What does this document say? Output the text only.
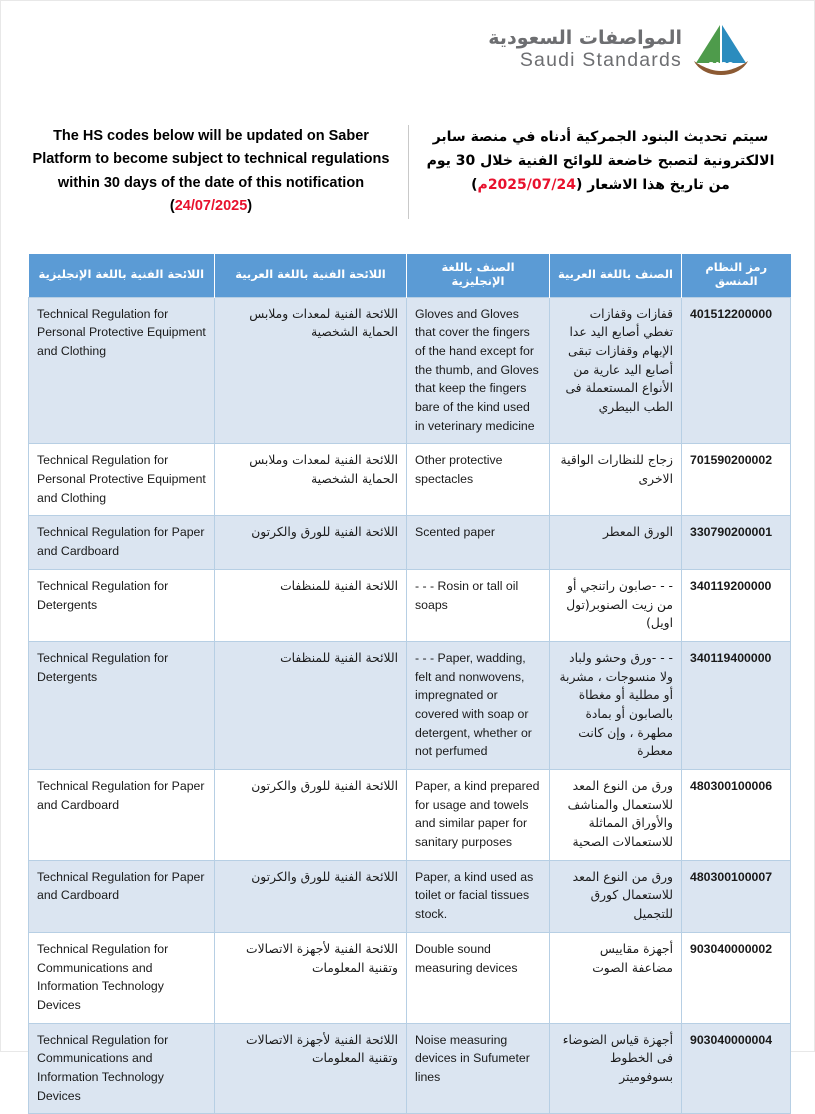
المواصفات السعودية
Saudi Standards	SASO
The HS codes below will be updated on Saber Platform to become subject to technical regulations within 30 days of the date of this notification (24/07/2025)
سيتم تحديث البنود الجمركية أدناه في منصة سابر الالكترونية لتصبح خاضعة للوائح الفنية خلال 30 يوم من تاريخ هذا الاشعار (2025/07/24م)
اللائحة الفنية باللغة الإنجليزية	اللائحة الفنية باللغة العربية	الصنف باللغة الإنجليزية	الصنف باللغة العربية	رمز النظام المنسق
Technical Regulation for Personal Protective Equipment and Clothing	اللائحة الفنية لمعدات وملابس الحماية الشخصية	Gloves and Gloves that cover the fingers of the hand except for the thumb, and Gloves that keep the fingers bare of the kind used in veterinary medicine	قفازات وقفازات تغطي أصابع اليد عدا الإبهام وقفازات تبقى أصابع اليد عارية من الأنواع المستعملة فى الطب البيطري	401512200000
Technical Regulation for Personal Protective Equipment and Clothing	اللائحة الفنية لمعدات وملابس الحماية الشخصية	Other protective spectacles	زجاج للنظارات الواقية الاخرى	701590200002
Technical Regulation for Paper and Cardboard	اللائحة الفنية للورق والكرتون	Scented paper	الورق المعطر	330790200001
Technical Regulation for Detergents	اللائحة الفنية للمنظفات	- - - Rosin or tall oil soaps	- - -صابون راتنجي أو من زيت الصنوبر(تول اويل)	340119200000
Technical Regulation for Detergents	اللائحة الفنية للمنظفات	- - - Paper, wadding, felt and nonwovens, impregnated or covered with soap or detergent, whether or not perfumed	- - -ورق وحشو ولباد ولا منسوجات ، مشربة أو مطلية أو مغطاة بالصابون أو بمادة مطهرة ، وإن كانت معطرة	340119400000
Technical Regulation for Paper and Cardboard	اللائحة الفنية للورق والكرتون	Paper, a kind prepared for usage and towels and similar paper for sanitary purposes	ورق من النوع المعد للاستعمال والمناشف والأوراق المماثلة للاستعمالات الصحية	480300100006
Technical Regulation for Paper and Cardboard	اللائحة الفنية للورق والكرتون	Paper, a kind used as toilet or facial tissues stock.	ورق من النوع المعد للاستعمال كورق للتجميل	480300100007
Technical Regulation for Communications and Information Technology Devices	اللائحة الفنية لأجهزة الاتصالات وتقنية المعلومات	Double sound measuring devices	أجهزة مقاييس مضاعفة الصوت	903040000002
Technical Regulation for Communications and Information Technology Devices	اللائحة الفنية لأجهزة الاتصالات وتقنية المعلومات	Noise measuring devices in Sufumeter lines	أجهزة قياس الضوضاء فى الخطوط بسوفوميتر	903040000004
